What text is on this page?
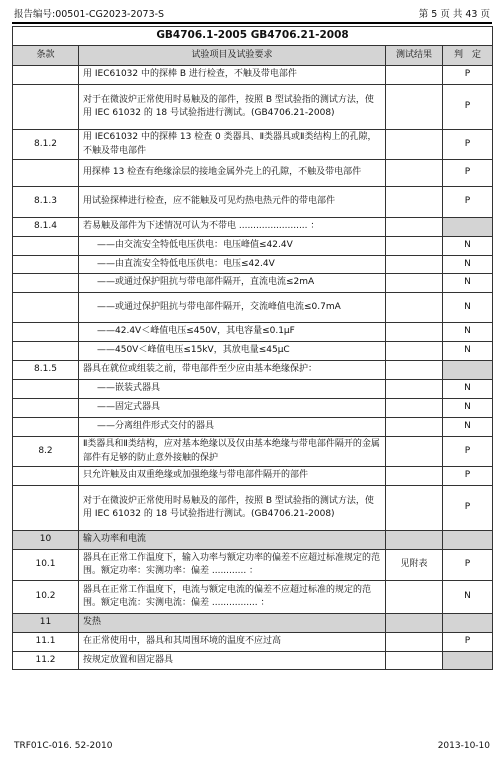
报告编号:00501-CG2023-2073-S	第 5 页 共 43 页
GB4706.1-2005 GB4706.21-2008			
条款	试验项目及试验要求	测试结果	判　定
	用 IEC61032 中的探棒 B 进行检查，不触及带电部件		P
	对于在微波炉正常使用时易触及的部件，按照 B 型试验指的测试方法，使用 IEC 61032 的 18 号试验指进行测试。(GB4706.21-2008)		P
8.1.2	用 IEC61032 中的探棒 13 检查 0 类器具、Ⅱ类器具或Ⅱ类结构上的孔隙，不触及带电部件		P
	用探棒 13 检查有绝缘涂层的接地金属外壳上的孔隙，不触及带电部件		P
8.1.3	用试验探棒进行检查，应不能触及可见灼热电热元件的带电部件		P
8.1.4	若易触及部件为下述情况可认为不带电 ........................ ：		
	——由交流安全特低电压供电：电压峰值≤42.4V		N
	——由直流安全特低电压供电：电压≤42.4V		N
	——或通过保护阻抗与带电部件隔开，直流电流≤2mA		N
	——或通过保护阻抗与带电部件隔开，交流峰值电流≤0.7mA		N
	——42.4V＜峰值电压≤450V，其电容量≤0.1μF		N
	——450V＜峰值电压≤15kV，其放电量≤45μC		N
8.1.5	器具在就位或组装之前，带电部件至少应由基本绝缘保护：		
	——嵌装式器具		N
	——固定式器具		N
	——分离组件形式交付的器具		N
8.2	Ⅱ类器具和Ⅱ类结构，应对基本绝缘以及仅由基本绝缘与带电部件隔开的金属部件有足够的防止意外接触的保护		P
	只允许触及由双重绝缘或加强绝缘与带电部件隔开的部件		P
	对于在微波炉正常使用时易触及的部件，按照 B 型试验指的测试方法，使用 IEC 61032 的 18 号试验指进行测试。(GB4706.21-2008)		P
10	输入功率和电流		
10.1	器具在正常工作温度下，输入功率与额定功率的偏差不应超过标准规定的范围。额定功率：实测功率：偏差 ............ ：	见附表	P
10.2	器具在正常工作温度下，电流与额定电流的偏差不应超过标准的规定的范围。额定电流：实测电流：偏差 ................ ：		N
11	发热		
11.1	在正常使用中，器具和其周围环境的温度不应过高		P
11.2	按规定放置和固定器具		
TRF01C-016. 52-2010	2013-10-10
